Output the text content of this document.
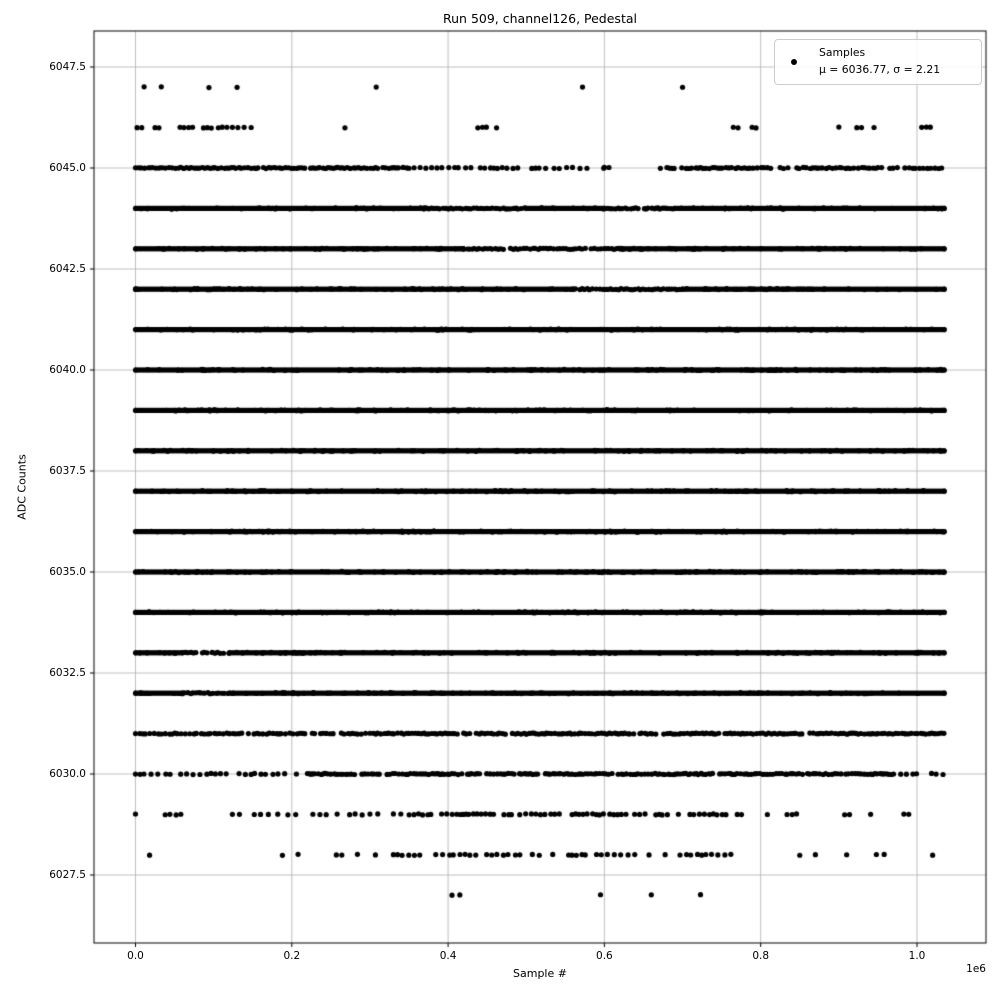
Run 509, channel126, Pedestal
ADC Counts
Sample #	1e6
Samples
μ = 6036.77, σ = 2.21
0.0	0.2	0.4	0.6	0.8	1.0
6027.5
6030.0
6032.5
6035.0
6037.5
6040.0
6042.5
6045.0
6047.5
